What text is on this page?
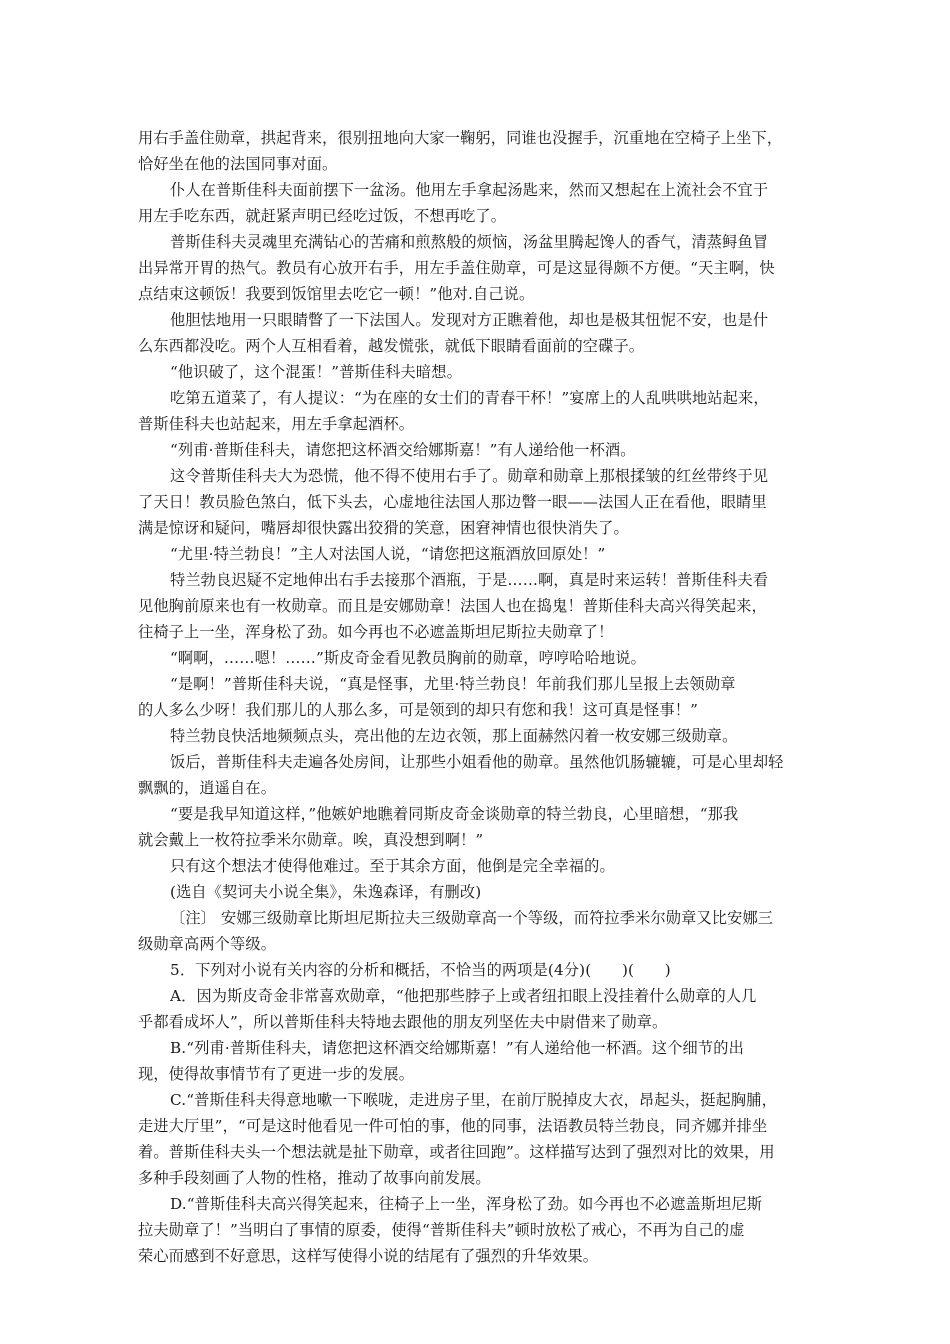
用右手盖住勋章，拱起背来，很别扭地向大家一鞠躬，同谁也没握手，沉重地在空椅子上坐下，
恰好坐在他的法国同事对面。
仆人在普斯佳科夫面前摆下一盆汤。他用左手拿起汤匙来，然而又想起在上流社会不宜于
用左手吃东西，就赶紧声明已经吃过饭，不想再吃了。
普斯佳科夫灵魂里充满钻心的苦痛和煎熬般的烦恼，汤盆里腾起馋人的香气，清蒸鲟鱼冒
出异常开胃的热气。教员有心放开右手，用左手盖住勋章，可是这显得颇不方便。“天主啊，快
点结束这顿饭！我要到饭馆里去吃它一顿！”他对.自己说。
他胆怯地用一只眼睛瞥了一下法国人。发现对方正瞧着他，却也是极其忸怩不安，也是什
么东西都没吃。两个人互相看着，越发慌张，就低下眼睛看面前的空碟子。
“他识破了，这个混蛋！”普斯佳科夫暗想。
吃第五道菜了，有人提议：“为在座的女士们的青春干杯！”宴席上的人乱哄哄地站起来，
普斯佳科夫也站起来，用左手拿起酒杯。
“列甫·普斯佳科夫，请您把这杯酒交给娜斯嘉！”有人递给他一杯酒。
这令普斯佳科夫大为恐慌，他不得不使用右手了。勋章和勋章上那根揉皱的红丝带终于见
了天日！教员脸色煞白，低下头去，心虚地往法国人那边瞥一眼——法国人正在看他，眼睛里
满是惊讶和疑问，嘴唇却很快露出狡猾的笑意，困窘神情也很快消失了。
“尤里·特兰勃良！”主人对法国人说，“请您把这瓶酒放回原处！”
特兰勃良迟疑不定地伸出右手去接那个酒瓶，于是……啊，真是时来运转！普斯佳科夫看
见他胸前原来也有一枚勋章。而且是安娜勋章！法国人也在捣鬼！普斯佳科夫高兴得笑起来，
往椅子上一坐，浑身松了劲。如今再也不必遮盖斯坦尼斯拉夫勋章了！
“啊啊，……嗯！……”斯皮奇金看见教员胸前的勋章，哼哼哈哈地说。
“是啊！”普斯佳科夫说，“真是怪事，尤里·特兰勃良！年前我们那儿呈报上去领勋章
的人多么少呀！我们那儿的人那么多，可是领到的却只有您和我！这可真是怪事！”
特兰勃良快活地频频点头，亮出他的左边衣领，那上面赫然闪着一枚安娜三级勋章。
饭后，普斯佳科夫走遍各处房间，让那些小姐看他的勋章。虽然他饥肠辘辘，可是心里却轻
飘飘的，逍遥自在。
“要是我早知道这样，”他嫉妒地瞧着同斯皮奇金谈勋章的特兰勃良，心里暗想，“那我
就会戴上一枚符拉季米尔勋章。唉，真没想到啊！”
只有这个想法才使得他难过。至于其余方面，他倒是完全幸福的。
(选自《契诃夫小说全集》，朱逸森译，有删改)
〔注〕 安娜三级勋章比斯坦尼斯拉夫三级勋章高一个等级，而符拉季米尔勋章又比安娜三
级勋章高两个等级。
5．下列对小说有关内容的分析和概括，不恰当的两项是(4分)(　　)(　　)
A．因为斯皮奇金非常喜欢勋章，“他把那些脖子上或者纽扣眼上没挂着什么勋章的人几
乎都看成坏人”，所以普斯佳科夫特地去跟他的朋友列坚佐夫中尉借来了勋章。
B.“列甫·普斯佳科夫，请您把这杯酒交给娜斯嘉！”有人递给他一杯酒。这个细节的出
现，使得故事情节有了更进一步的发展。
C.“普斯佳科夫得意地嗽一下喉咙，走进房子里，在前厅脱掉皮大衣，昂起头，挺起胸脯，
走进大厅里”，“可是这时他看见一件可怕的事，他的同事，法语教员特兰勃良，同齐娜并排坐
着。普斯佳科夫头一个想法就是扯下勋章，或者往回跑”。这样描写达到了强烈对比的效果，用
多种手段刻画了人物的性格，推动了故事向前发展。
D.“普斯佳科夫高兴得笑起来，往椅子上一坐，浑身松了劲。如今再也不必遮盖斯坦尼斯
拉夫勋章了！”当明白了事情的原委，使得“普斯佳科夫”顿时放松了戒心，不再为自己的虚
荣心而感到不好意思，这样写使得小说的结尾有了强烈的升华效果。
